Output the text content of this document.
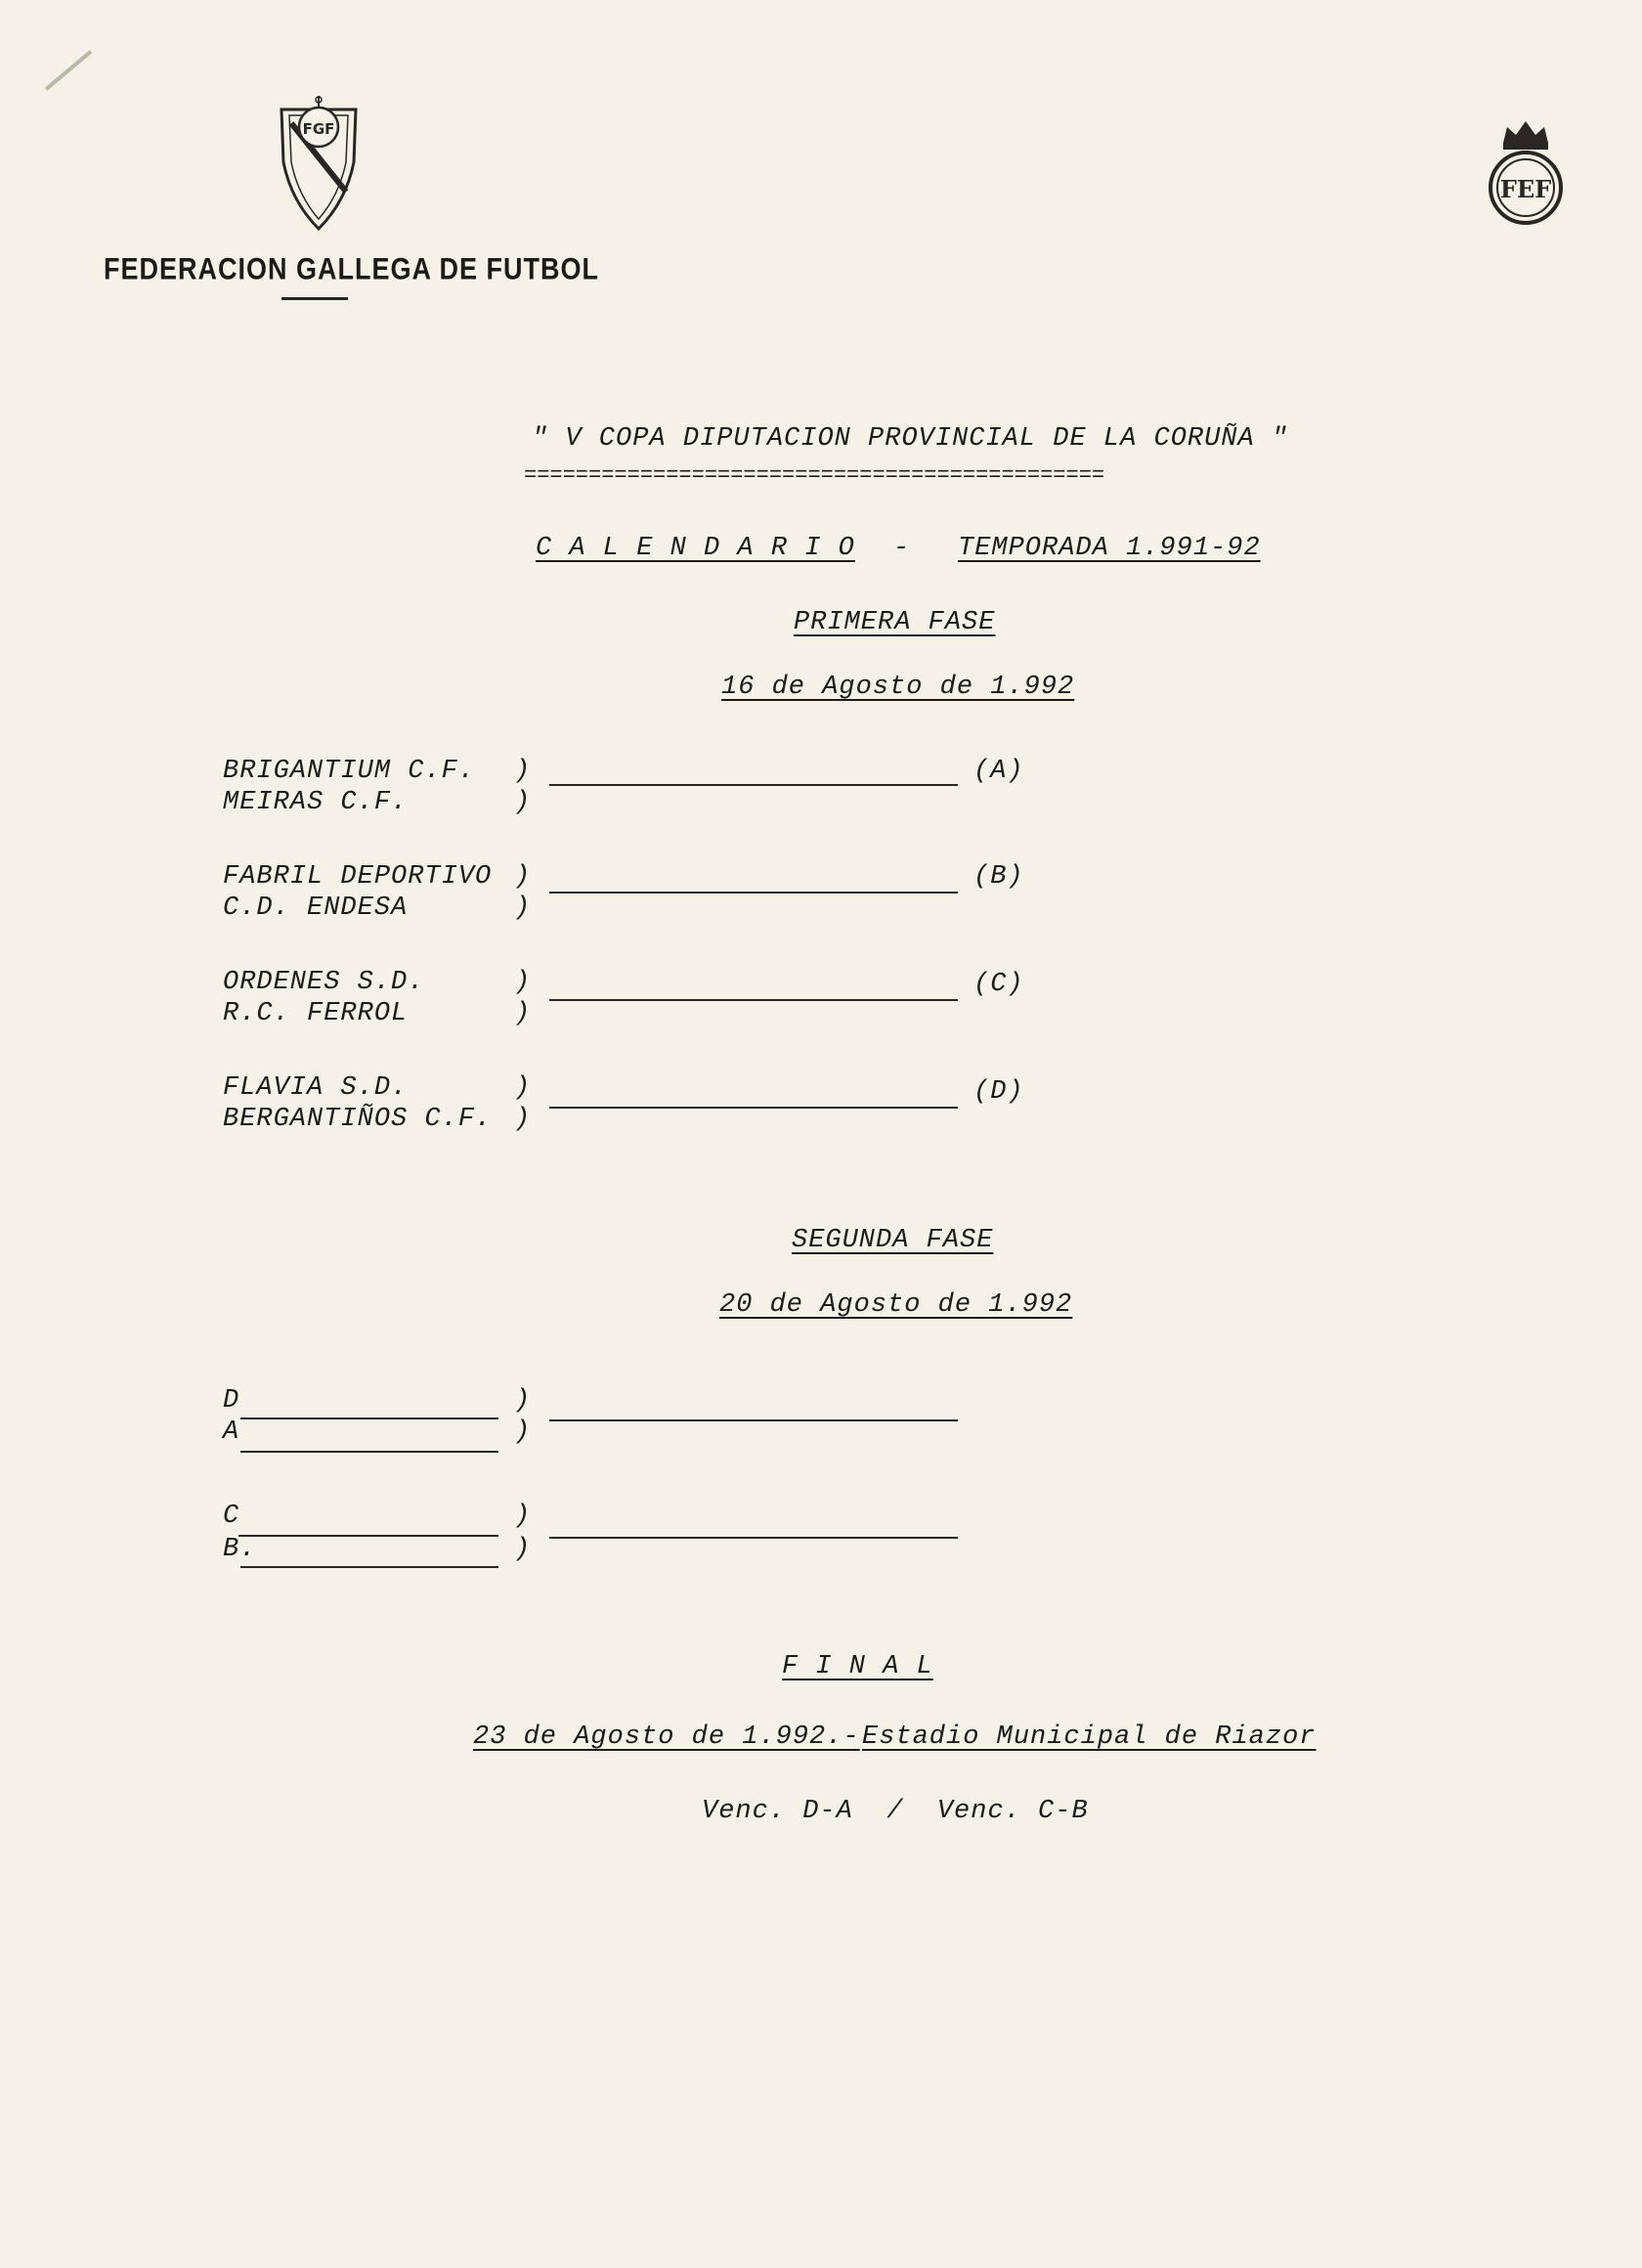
FGF
FEF
FEDERACION GALLEGA DE FUTBOL
" V COPA DIPUTACION PROVINCIAL DE LA CORUÑA "
=============================================
C A L E N D A R I O - TEMPORADA 1.991-92
PRIMERA FASE
16 de Agosto de 1.992
BRIGANTIUM C.F.
MEIRAS C.F.
)
)
(A)
FABRIL DEPORTIVO
C.D. ENDESA
)
)
(B)
ORDENES S.D.
R.C. FERROL
)
)
(C)
FLAVIA S.D.
BERGANTIÑOS C.F.
)
)
(D)
SEGUNDA FASE
20 de Agosto de 1.992
D
A
)
)
C
B.
)
)
F I N A L
23 de Agosto de 1.992.- Estadio Municipal de Riazor
Venc. D-A  /  Venc. C-B
